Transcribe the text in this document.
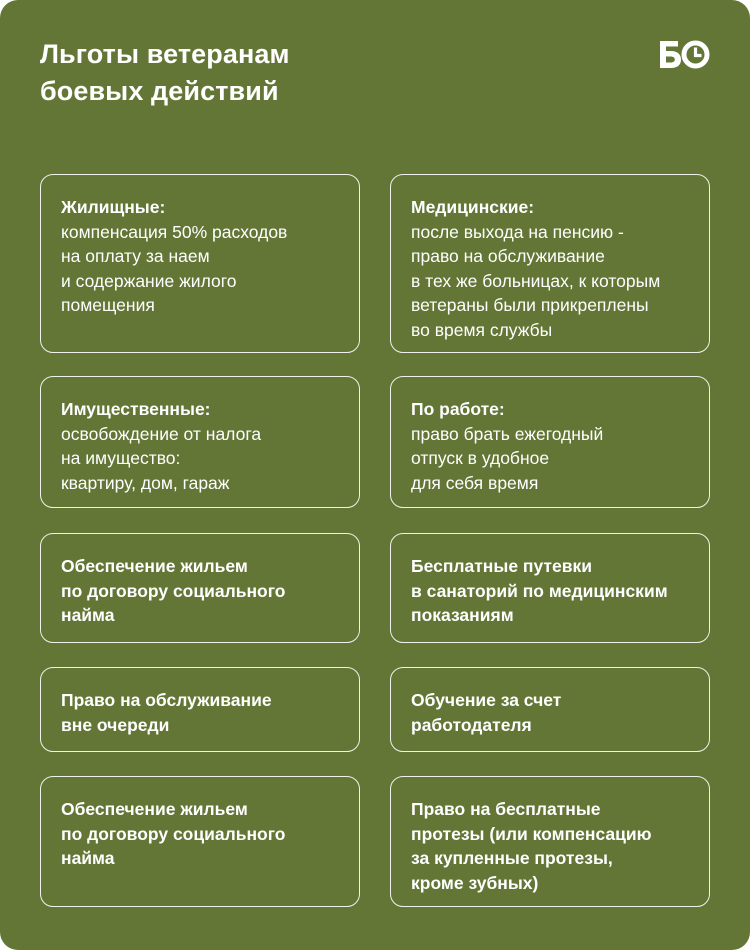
Льготы ветеранам
боевых действий
Жилищные:
компенсация 50% расходов
на оплату за наем
и содержание жилого
помещения
Медицинские:
после выхода на пенсию -
право на обслуживание
в тех же больницах, к которым
ветераны были прикреплены
во время службы
Имущественные:
освобождение от налога
на имущество:
квартиру, дом, гараж
По работе:
право брать ежегодный
отпуск в удобное
для себя время
Обеспечение жильем
по договору социального
найма
Бесплатные путевки
в санаторий по медицинским
показаниям
Право на обслуживание
вне очереди
Обучение за счет
работодателя
Обеспечение жильем
по договору социального
найма
Право на бесплатные
протезы (или компенсацию
за купленные протезы,
кроме зубных)
